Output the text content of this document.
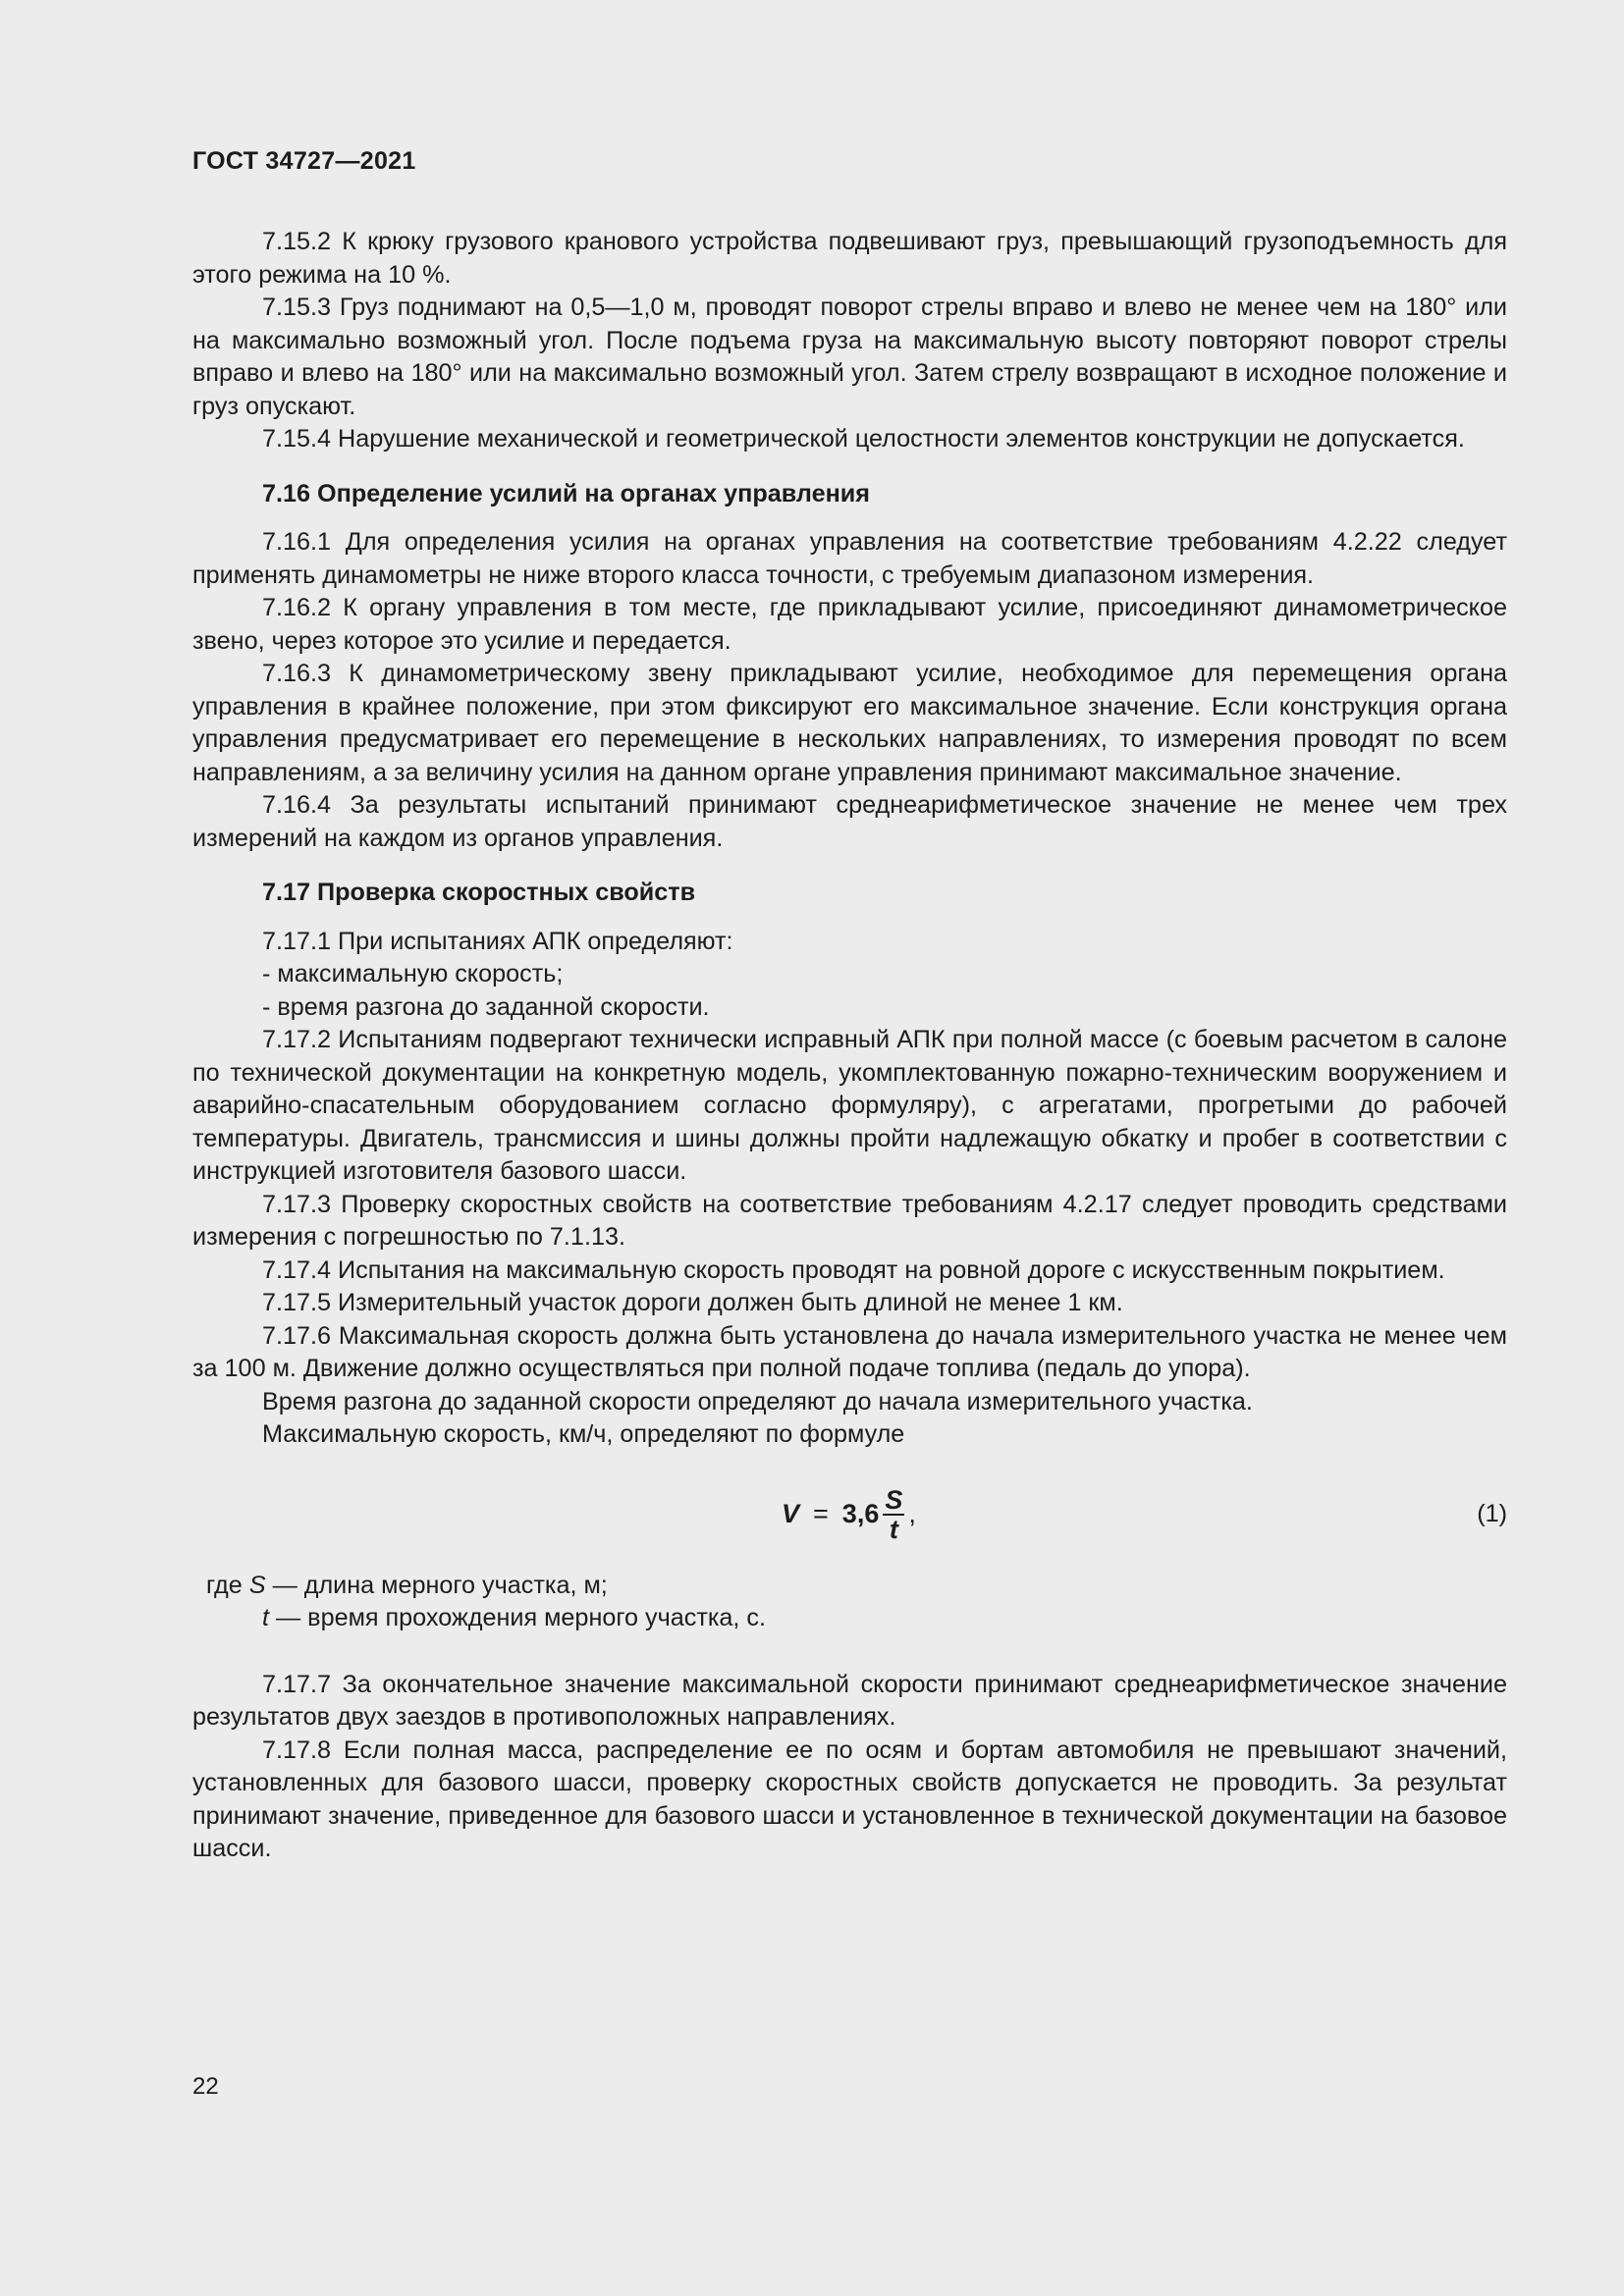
ГОСТ 34727—2021

7.15.2 К крюку грузового кранового устройства подвешивают груз, превышающий грузоподъемность для этого режима на 10 %.

7.15.3 Груз поднимают на 0,5—1,0 м, проводят поворот стрелы вправо и влево не менее чем на 180° или на максимально возможный угол. После подъема груза на максимальную высоту повторяют поворот стрелы вправо и влево на 180° или на максимально возможный угол. Затем стрелу возвращают в исходное положение и груз опускают.

7.15.4 Нарушение механической и геометрической целостности элементов конструкции не допускается.

7.16 Определение усилий на органах управления

7.16.1 Для определения усилия на органах управления на соответствие требованиям 4.2.22 следует применять динамометры не ниже второго класса точности, с требуемым диапазоном измерения.

7.16.2 К органу управления в том месте, где прикладывают усилие, присоединяют динамометрическое звено, через которое это усилие и передается.

7.16.3 К динамометрическому звену прикладывают усилие, необходимое для перемещения органа управления в крайнее положение, при этом фиксируют его максимальное значение. Если конструкция органа управления предусматривает его перемещение в нескольких направлениях, то измерения проводят по всем направлениям, а за величину усилия на данном органе управления принимают максимальное значение.

7.16.4 За результаты испытаний принимают среднеарифметическое значение не менее чем трех измерений на каждом из органов управления.

7.17 Проверка скоростных свойств

7.17.1 При испытаниях АПК определяют:

- максимальную скорость;

- время разгона до заданной скорости.

7.17.2 Испытаниям подвергают технически исправный АПК при полной массе (с боевым расчетом в салоне по технической документации на конкретную модель, укомплектованную пожарно-техническим вооружением и аварийно-спасательным оборудованием согласно формуляру), с агрегатами, прогретыми до рабочей температуры. Двигатель, трансмиссия и шины должны пройти надлежащую обкатку и пробег в соответствии с инструкцией изготовителя базового шасси.

7.17.3 Проверку скоростных свойств на соответствие требованиям 4.2.17 следует проводить средствами измерения с погрешностью по 7.1.13.

7.17.4 Испытания на максимальную скорость проводят на ровной дороге с искусственным покрытием.

7.17.5 Измерительный участок дороги должен быть длиной не менее 1 км.

7.17.6 Максимальная скорость должна быть установлена до начала измерительного участка не менее чем за 100 м. Движение должно осуществляться при полной подаче топлива (педаль до упора).

Время разгона до заданной скорости определяют до начала измерительного участка.

Максимальную скорость, км/ч, определяют по формуле

$V = 3,6 \frac{S}{t}$ ,	(1)

где S — длина мерного участка, м;

t — время прохождения мерного участка, с.

7.17.7 За окончательное значение максимальной скорости принимают среднеарифметическое значение результатов двух заездов в противоположных направлениях.

7.17.8 Если полная масса, распределение ее по осям и бортам автомобиля не превышают значений, установленных для базового шасси, проверку скоростных свойств допускается не проводить. За результат принимают значение, приведенное для базового шасси и установленное в технической документации на базовое шасси.

22
